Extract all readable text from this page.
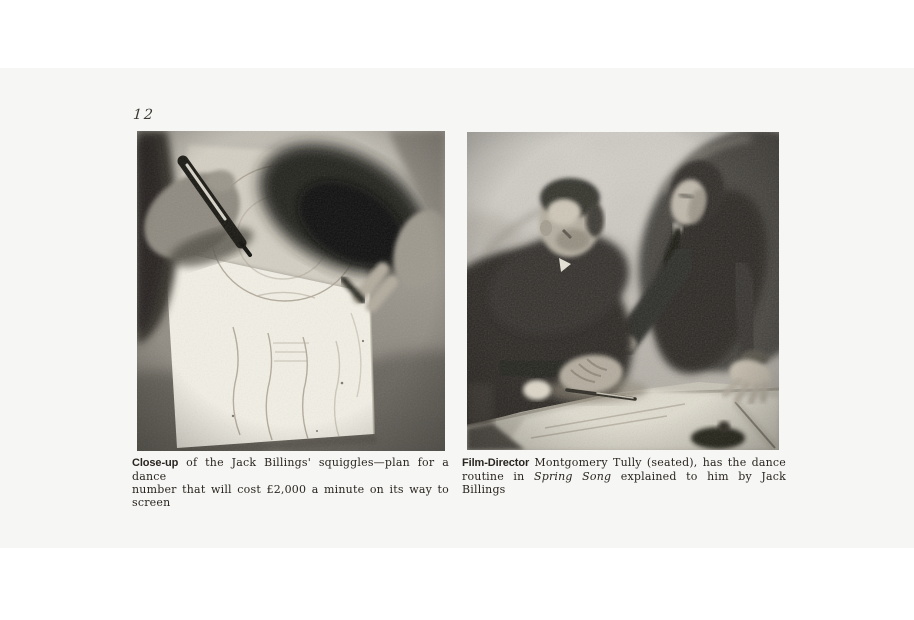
12

Close-up of the Jack Billings' squiggles—plan for a dance

number that will cost £2,000 a minute on its way to screen

Film-Director Montgomery Tully (seated), has the dance

routine in Spring Song explained to him by Jack Billings
